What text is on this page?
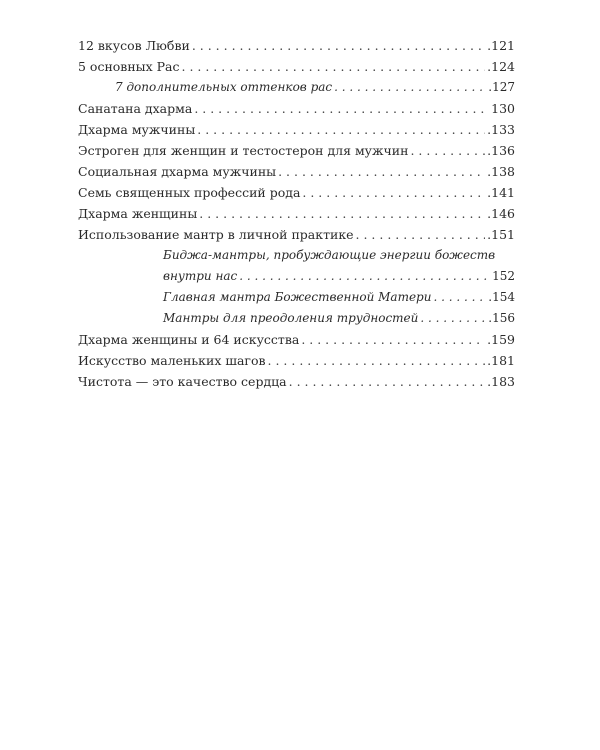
12 вкусов Любви . . .	.121
5 основных Рас . . .	.124
7 дополнительных оттенков рас . . .	.127
Санатана дхарма . . .	130
Дхарма мужчины . . .	.133
Эстроген для женщин и тестостерон для мужчин . . .	.136
Социальная дхарма мужчины . . .	.138
Семь священных профессий рода . . .	.141
Дхарма женщины . . .	.146
Использование мантр в личной практике . . .	.151
Биджа-мантры, пробуждающие энергии божеств
внутри нас . . .	152
Главная мантра Божественной Матери . . .	.154
Мантры для преодоления трудностей . . .	.156
Дхарма женщины и 64 искусства . . .	.159
Искусство маленьких шагов . . .	.181
Чистота — это качество сердца . . .	.183
